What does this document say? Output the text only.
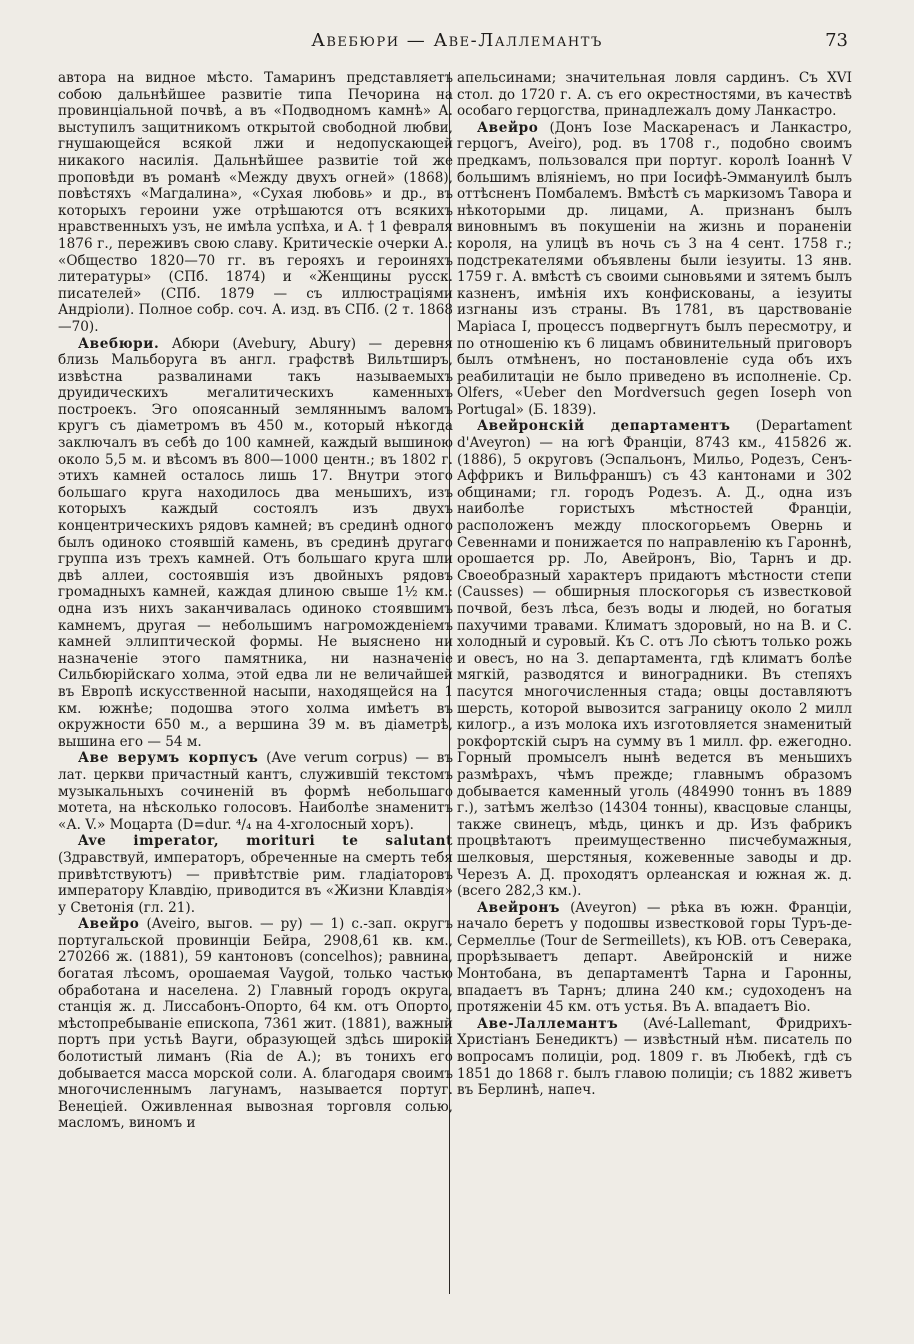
Авебюри — Аве-Лаллемантъ	73

автора на видное мѣсто. Тамаринъ представляетъ собою дальнѣйшее развитіе типа Печорина на провинціальной почвѣ, а въ «Подводномъ камнѣ» А. выступилъ защитникомъ открытой свободной любви, гнушающейся всякой лжи и недопускающей никакого насилія. Дальнѣйшее развитіе той же проповѣди въ романѣ «Между двухъ огней» (1868), повѣстяхъ «Магдалина», «Сухая любовь» и др., въ которыхъ героини уже отрѣшаются отъ всякихъ нравственныхъ узъ, не имѣла успѣха, и А. † 1 февраля 1876 г., переживъ свою славу. Критическіе очерки А.: «Общество 1820—70 гг. въ герояхъ и героиняхъ литературы» (СПб. 1874) и «Женщины русск. писателей» (СПб. 1879 — съ иллюстраціями Андріоли). Полное собр. соч. А. изд. въ СПб. (2 т. 1868—70).

Авебюри. Абюри (Avebury, Abury) — деревня близь Мальборуга въ англ. графствѣ Вильтширъ, извѣстна развалинами такъ называемыхъ друидическихъ мегалитическихъ каменныхъ построекъ. Эго опоясанный земляннымъ валомъ кругъ съ діаметромъ въ 450 м., который нѣкогда заключалъ въ себѣ до 100 камней, каждый вышиною около 5,5 м. и вѣсомъ въ 800—1000 центн.; въ 1802 г. этихъ камней осталось лишь 17. Внутри этого большаго круга находилось два меньшихъ, изъ которыхъ каждый состоялъ изъ двухъ концентрическихъ рядовъ камней; въ срединѣ одного былъ одиноко стоявшій камень, въ срединѣ другаго группа изъ трехъ камней. Отъ большаго круга шли двѣ аллеи, состоявшія изъ двойныхъ рядовъ громадныхъ камней, каждая длиною свыше 1½ км.: одна изъ нихъ заканчивалась одиноко стоявшимъ камнемъ, другая — небольшимъ нагроможденіемъ камней эллиптической формы. Не выяснено ни назначеніе этого памятника, ни назначеніе Сильбюрійскаго холма, этой едва ли не величайшей въ Европѣ искусственной насыпи, находящейся на 1 км. южнѣе; подошва этого холма имѣетъ въ окружности 650 м., а вершина 39 м. въ діаметрѣ, вышина его — 54 м.

Аве верумъ корпусъ (Ave verum corpus) — въ лат. церкви причастный кантъ, служившій текстомъ музыкальныхъ сочиненій въ формѣ небольшаго мотета, на нѣсколько голосовъ. Наиболѣе знаменитъ «А. V.» Моцарта (D=dur. ⁴/₄ на 4-хголосный хоръ).

Ave imperator, morituri te salutant (Здравствуй, императоръ, обреченные на смерть тебя привѣтствуютъ) — привѣтствіе рим. гладіаторовъ императору Клавдію, приводится въ «Жизни Клавдія» у Светонія (гл. 21).

Авейро (Aveiro, выгов. — ру) — 1) с.-зап. округъ португальской провинціи Бейра, 2908,61 кв. км., 270266 ж. (1881), 59 кантоновъ (concelhos); равнина, богатая лѣсомъ, орошаемая Vaуgoй, только частью обработана и населена. 2) Главный городъ округа, станція ж. д. Лиссабонъ-Опорто, 64 км. отъ Опорто, мѣстопребываніе епископа, 7361 жит. (1881), важный портъ при устьѣ Вауги, образующей здѣсь широкій болотистый лиманъ (Ria de A.); въ тонихъ его добывается масса морской соли. А. благодаря своимъ многочисленнымъ лагунамъ, называется португ. Венеціей. Оживленная вывозная торговля солью, масломъ, виномъ и

апельсинами; значительная ловля сардинъ. Съ XVI стол. до 1720 г. А. съ его окрестностями, въ качествѣ особаго герцогства, принадлежалъ дому Ланкастро.

Авейро (Донъ Іозе Маскаренасъ и Ланкастро, герцогъ, Aveiro), род. въ 1708 г., подобно своимъ предкамъ, пользовался при португ. королѣ Іоаннѣ V большимъ вліяніемъ, но при Іосифѣ-Эммануилѣ былъ оттѣсненъ Помбалемъ. Вмѣстѣ съ маркизомъ Тавора и нѣкоторыми др. лицами, А. признанъ былъ виновнымъ въ покушеніи на жизнь и пораненіи короля, на улицѣ въ ночь съ 3 на 4 сент. 1758 г.; подстрекателями объявлены были іезуиты. 13 янв. 1759 г. А. вмѣстѣ съ своими сыновьями и зятемъ былъ казненъ, имѣнія ихъ конфискованы, а іезуиты изгнаны изъ страны. Въ 1781, въ царствованіе Маріаса I, процессъ подвергнутъ былъ пересмотру, и по отношенію къ 6 лицамъ обвинительный приговоръ былъ отмѣненъ, но постановленіе суда объ ихъ реабилитаціи не было приведено въ исполненіе. Ср. Olfers, «Ueber den Mordversuch gegen Ioseph von Portugal» (Б. 1839).

Авейронскій департаментъ (Departament d'Aveyron) — на югѣ Франціи, 8743 км., 415826 ж. (1886), 5 округовъ (Эспальонъ, Мильо, Родезъ, Сенъ-Аффрикъ и Вильфраншъ) съ 43 кантонами и 302 общинами; гл. городъ Родезъ. А. Д., одна изъ наиболѣе гористыхъ мѣстностей Франціи, расположенъ между плоскогорьемъ Овернь и Севеннами и понижается по направленію къ Гароннѣ, орошается рр. Ло, Авейронъ, Віо, Тарнъ и др. Своеобразный характеръ придаютъ мѣстности степи (Causses) — обширныя плоскогорья съ известковой почвой, безъ лѣса, безъ воды и людей, но богатыя пахучими травами. Климатъ здоровый, но на В. и С. холодный и суровый. Къ С. отъ Ло сѣютъ только рожь и овесъ, но на З. департамента, гдѣ климатъ болѣе мягкій, разводятся и виноградники. Въ степяхъ пасутся многочисленныя стада; овцы доставляютъ шерсть, которой вывозится заграницу около 2 милл килогр., а изъ молока ихъ изготовляется знаменитый рокфортскій сыръ на сумму въ 1 милл. фр. ежегодно. Горный промыселъ нынѣ ведется въ меньшихъ размѣрахъ, чѣмъ прежде; главнымъ образомъ добывается каменный уголь (484990 тоннъ въ 1889 г.), затѣмъ желѣзо (14304 тонны), квасцовые сланцы, также свинецъ, мѣдь, цинкъ и др. Изъ фабрикъ процвѣтаютъ преимущественно писчебумажныя, шелковыя, шерстяныя, кожевенные заводы и др. Черезъ А. Д. проходятъ орлеанская и южная ж. д. (всего 282,3 км.).

Авейронъ (Aveyron) — рѣка въ южн. Франціи, начало беретъ у подошвы известковой горы Туръ-де-Сермелльe (Tour de Sermeillets), къ ЮВ. отъ Северака, прорѣзываетъ департ. Авейронскій и ниже Монтобана, въ департаментѣ Тарна и Гаронны, впадаетъ въ Тарнъ; длина 240 км.; судоходенъ на протяженіи 45 км. отъ устья. Въ А. впадаетъ Віо.

Аве-Лаллемантъ (Avé-Lallemant, Фридрихъ-Христіанъ Бенедиктъ) — извѣстный нѣм. писатель по вопросамъ полиціи, род. 1809 г. въ Любекѣ, гдѣ съ 1851 до 1868 г. былъ главою полиціи; съ 1882 живетъ въ Берлинѣ, напеч.
